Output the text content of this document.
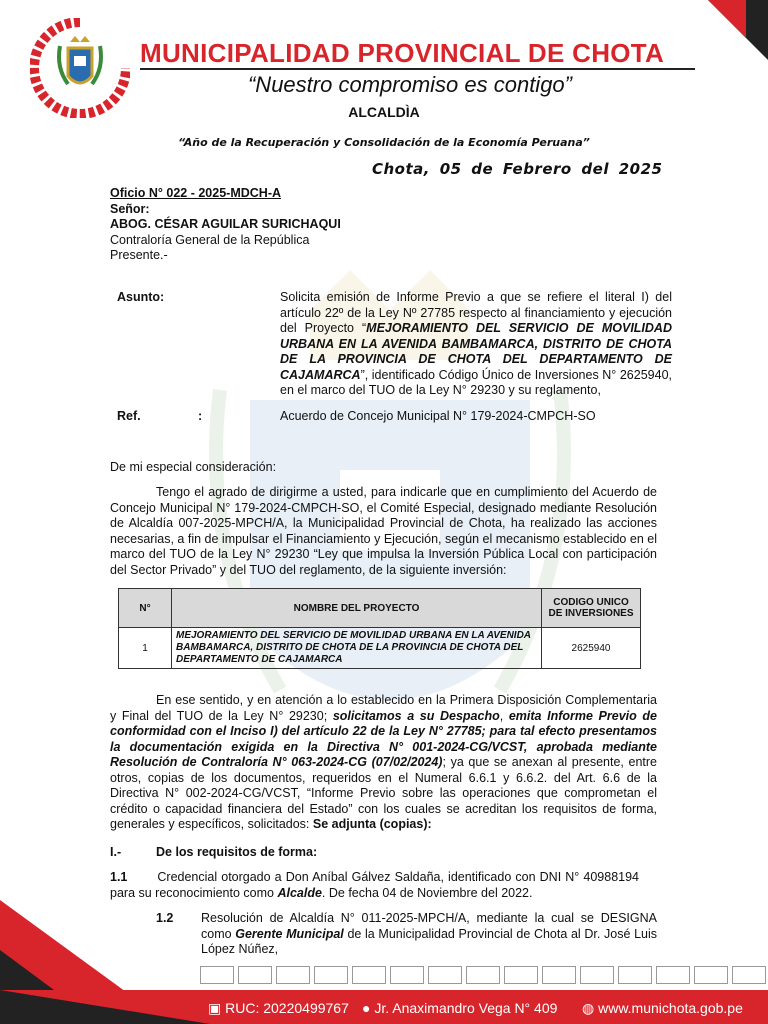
MUNICIPALIDAD PROVINCIAL DE CHOTA
“Nuestro compromiso es contigo”
ALCALDÌA
“Año de la Recuperación y Consolidación de la Economía Peruana”
Chota, 05 de Febrero del 2025
Oficio N° 022 - 2025-MDCH-A
Señor:
ABOG. CÉSAR AGUILAR SURICHAQUI
Contraloría General de la República
Presente.-
Asunto:	Solicita emisión de Informe Previo a que se refiere el literal I) del artículo 22º de la Ley Nº 27785 respecto al financiamiento y ejecución del Proyecto “MEJORAMIENTO DEL SERVICIO DE MOVILIDAD URBANA EN LA AVENIDA BAMBAMARCA, DISTRITO DE CHOTA DE LA PROVINCIA DE CHOTA DEL DEPARTAMENTO DE CAJAMARCA”, identificado Código Único de Inversiones N° 2625940, en el marco del TUO de la Ley N° 29230 y su reglamento,
Ref.	:	Acuerdo de Concejo Municipal N° 179-2024-CMPCH-SO
De mi especial consideración:
Tengo el agrado de dirigirme a usted, para indicarle que en cumplimiento del Acuerdo de Concejo Municipal N° 179-2024-CMPCH-SO, el Comité Especial, designado mediante Resolución de Alcaldía 007-2025-MPCH/A, la Municipalidad Provincial de Chota, ha realizado las acciones necesarias, a fin de impulsar el Financiamiento y Ejecución, según el mecanismo establecido en el marco del TUO de la Ley N° 29230 “Ley que impulsa la Inversión Pública Local con participación del Sector Privado” y del TUO del reglamento, de la siguiente inversión:
N°	NOMBRE DEL PROYECTO	CODIGO UNICO DE INVERSIONES
1	MEJORAMIENTO DEL SERVICIO DE MOVILIDAD URBANA EN LA AVENIDA BAMBAMARCA, DISTRITO DE CHOTA DE LA PROVINCIA DE CHOTA DEL DEPARTAMENTO DE CAJAMARCA	2625940
En ese sentido, y en atención a lo establecido en la Primera Disposición Complementaria y Final del TUO de la Ley N° 29230; solicitamos a su Despacho, emita Informe Previo de conformidad con el Inciso I) del artículo 22 de la Ley N° 27785; para tal efecto presentamos la documentación exigida en la Directiva N° 001-2024-CG/VCST, aprobada mediante Resolución de Contraloría N° 063-2024-CG (07/02/2024); ya que se anexan al presente, entre otros, copias de los documentos, requeridos en el Numeral 6.6.1 y 6.6.2. del Art. 6.6 de la Directiva N° 002-2024-CG/VCST, “Informe Previo sobre las operaciones que comprometan el crédito o capacidad financiera del Estado” con los cuales se acreditan los requisitos de forma, generales y específicos, solicitados: Se adjunta (copias):
I.-	De los requisitos de forma:
1.1 Credencial otorgado a Don Aníbal Gálvez Saldaña, identificado con DNI N° 40988194 para su reconocimiento como Alcalde. De fecha 04 de Noviembre del 2022.
1.2 Resolución de Alcaldía N° 011-2025-MPCH/A, mediante la cual se DESIGNA como Gerente Municipal de la Municipalidad Provincial de Chota al Dr. José Luis López Núñez,
▣ RUC: 20220499767 ● Jr. Anaximandro Vega N° 409 ◍ www.munichota.gob.pe
